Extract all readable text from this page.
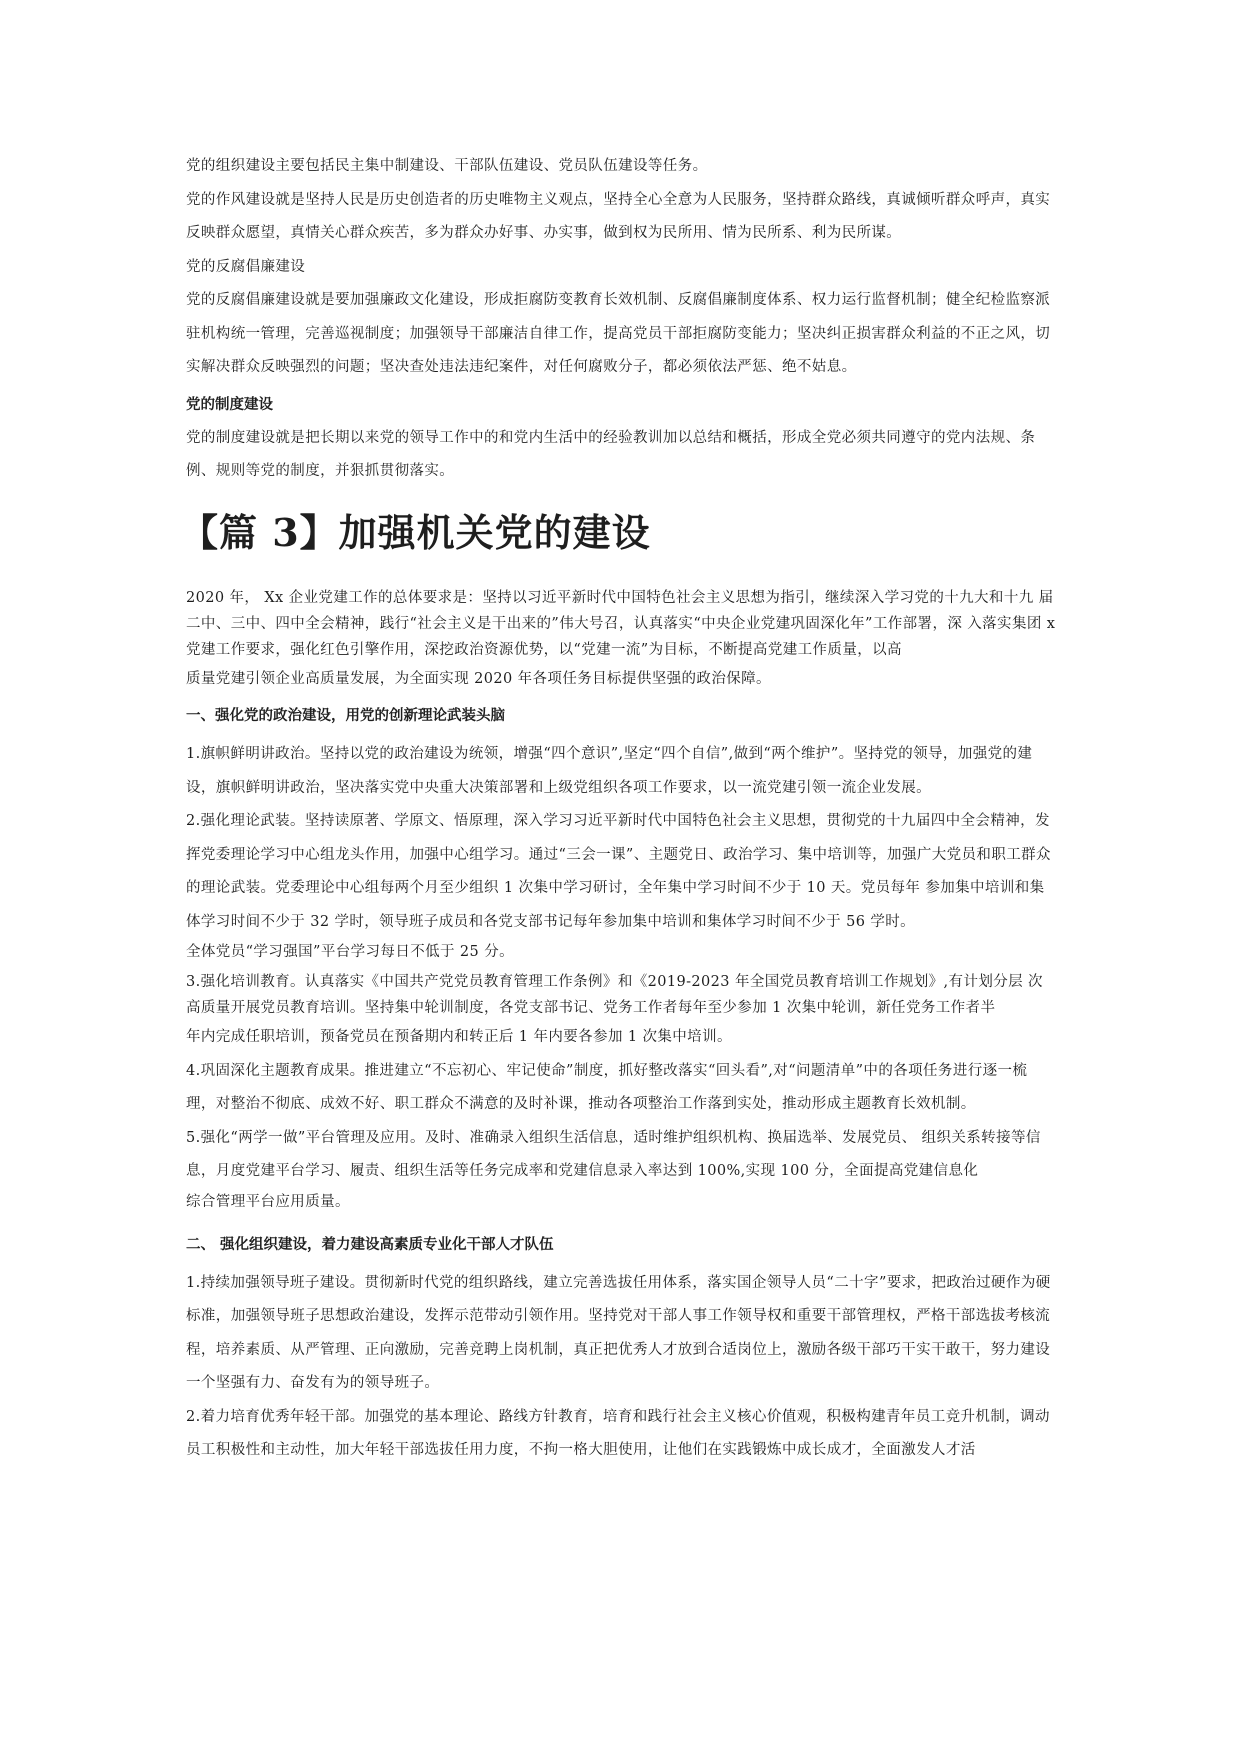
党的组织建设主要包括民主集中制建设、干部队伍建设、党员队伍建设等任务。

党的作风建设就是坚持人民是历史创造者的历史唯物主义观点，坚持全心全意为人民服务，坚持群众路线，真诚倾听群众呼声，真实反映群众愿望，真情关心群众疾苦，多为群众办好事、办实事，做到权为民所用、情为民所系、利为民所谋。

党的反腐倡廉建设

党的反腐倡廉建设就是要加强廉政文化建设，形成拒腐防变教育长效机制、反腐倡廉制度体系、权力运行监督机制；健全纪检监察派驻机构统一管理，完善巡视制度；加强领导干部廉洁自律工作，提高党员干部拒腐防变能力；坚决纠正损害群众利益的不正之风，切实解决群众反映强烈的问题；坚决查处违法违纪案件，对任何腐败分子，都必须依法严惩、绝不姑息。

党的制度建设

党的制度建设就是把长期以来党的领导工作中的和党内生活中的经验教训加以总结和概括，形成全党必须共同遵守的党内法规、条例、规则等党的制度，并狠抓贯彻落实。

【篇 3】加强机关党的建设

2020 年， Xx 企业党建工作的总体要求是：坚持以习近平新时代中国特色社会主义思想为指引，继续深入学习党的十九大和十九 届二中、三中、四中全会精神，践行“社会主义是干出来的”伟大号召，认真落实“中央企业党建巩固深化年”工作部署，深 入落实集团 x 党建工作要求，强化红色引擎作用，深挖政治资源优势，以“党建一流”为目标，不断提高党建工作质量，以高

质量党建引领企业高质量发展，为全面实现 2020 年各项任务目标提供坚强的政治保障。

一、强化党的政治建设，用党的创新理论武装头脑

1.旗帜鲜明讲政治。坚持以党的政治建设为统领，增强“四个意识”,坚定“四个自信”,做到“两个维护”。坚持党的领导，加强党的建设，旗帜鲜明讲政治，坚决落实党中央重大决策部署和上级党组织各项工作要求，以一流党建引领一流企业发展。

2.强化理论武装。坚持读原著、学原文、悟原理，深入学习习近平新时代中国特色社会主义思想，贯彻党的十九届四中全会精神，发挥党委理论学习中心组龙头作用，加强中心组学习。通过“三会一课”、主题党日、政治学习、集中培训等，加强广大党员和职工群众的理论武装。党委理论中心组每两个月至少组织 1 次集中学习研讨，全年集中学习时间不少于 10 天。党员每年 参加集中培训和集体学习时间不少于 32 学时，领导班子成员和各党支部书记每年参加集中培训和集体学习时间不少于 56 学时。

全体党员“学习强国”平台学习每日不低于 25 分。

3.强化培训教育。认真落实《中国共产党党员教育管理工作条例》和《2019-2023 年全国党员教育培训工作规划》,有计划分层 次高质量开展党员教育培训。坚持集中轮训制度，各党支部书记、党务工作者每年至少参加 1 次集中轮训，新任党务工作者半

年内完成任职培训，预备党员在预备期内和转正后 1 年内要各参加 1 次集中培训。

4.巩固深化主题教育成果。推进建立“不忘初心、牢记使命”制度，抓好整改落实“回头看”,对“问题清单”中的各项任务进行逐一梳理，对整治不彻底、成效不好、职工群众不满意的及时补课，推动各项整治工作落到实处，推动形成主题教育长效机制。

5.强化“两学一做”平台管理及应用。及时、准确录入组织生活信息，适时维护组织机构、换届选举、发展党员、 组织关系转接等信息，月度党建平台学习、履责、组织生活等任务完成率和党建信息录入率达到 100%,实现 100 分，全面提高党建信息化

综合管理平台应用质量。

二、 强化组织建设，着力建设高素质专业化干部人才队伍

1.持续加强领导班子建设。贯彻新时代党的组织路线，建立完善选拔任用体系，落实国企领导人员“二十字”要求，把政治过硬作为硬标准，加强领导班子思想政治建设，发挥示范带动引领作用。坚持党对干部人事工作领导权和重要干部管理权，严格干部选拔考核流程，培养素质、从严管理、正向激励，完善竞聘上岗机制，真正把优秀人才放到合适岗位上，激励各级干部巧干实干敢干，努力建设一个坚强有力、奋发有为的领导班子。

2.着力培育优秀年轻干部。加强党的基本理论、路线方针教育，培育和践行社会主义核心价值观，积极构建青年员工竞升机制，调动员工积极性和主动性，加大年轻干部选拔任用力度，不拘一格大胆使用，让他们在实践锻炼中成长成才，全面激发人才活
